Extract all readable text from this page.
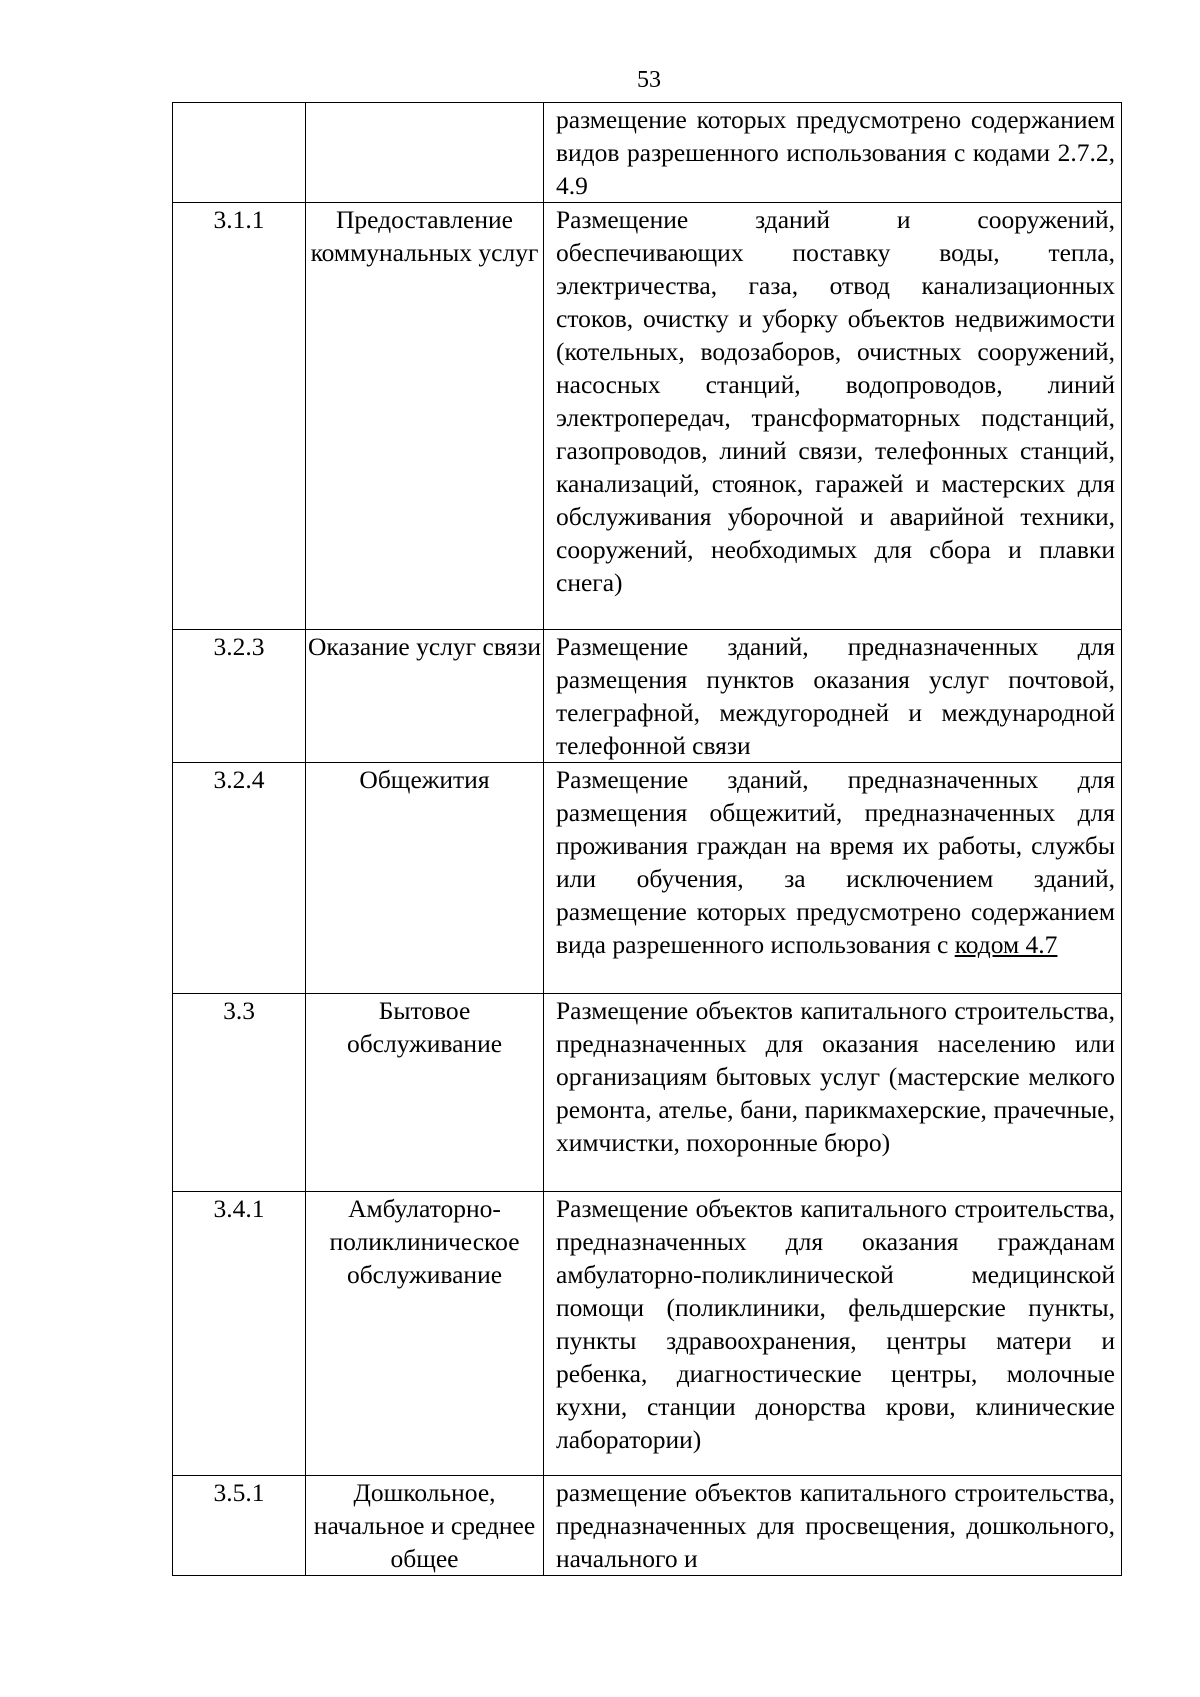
53
		размещение которых предусмотрено содержанием видов разрешенного использования с кодами 2.7.2, 4.9
3.1.1	Предоставление коммунальных услуг	Размещение зданий и сооружений, обеспечивающих поставку воды, тепла, электричества, газа, отвод канализационных стоков, очистку и уборку объектов недвижимости (котельных, водозаборов, очистных сооружений, насосных станций, водопроводов, линий электропередач, трансформаторных подстанций, газопроводов, линий связи, телефонных станций, канализаций, стоянок, гаражей и мастерских для обслуживания уборочной и аварийной техники, сооружений, необходимых для сбора и плавки снега)
3.2.3	Оказание услуг связи	Размещение зданий, предназначенных для размещения пунктов оказания услуг почтовой, телеграфной, междугородней и международной телефонной связи
3.2.4	Общежития	Размещение зданий, предназначенных для размещения общежитий, предназначенных для проживания граждан на время их работы, службы или обучения, за исключением зданий, размещение которых предусмотрено содержанием вида разрешенного использования с кодом 4.7
3.3	Бытовое обслуживание	Размещение объектов капитального строительства, предназначенных для оказания населению или организациям бытовых услуг (мастерские мелкого ремонта, ателье, бани, парикмахерские, прачечные, химчистки, похоронные бюро)
3.4.1	Амбулаторно-поликлиническое обслуживание	Размещение объектов капитального строительства, предназначенных для оказания гражданам амбулаторно-поликлинической медицинской помощи (поликлиники, фельдшерские пункты, пункты здравоохранения, центры матери и ребенка, диагностические центры, молочные кухни, станции донорства крови, клинические лаборатории)
3.5.1	Дошкольное, начальное и среднее общее	размещение объектов капитального строительства, предназначенных для просвещения, дошкольного, начального и
